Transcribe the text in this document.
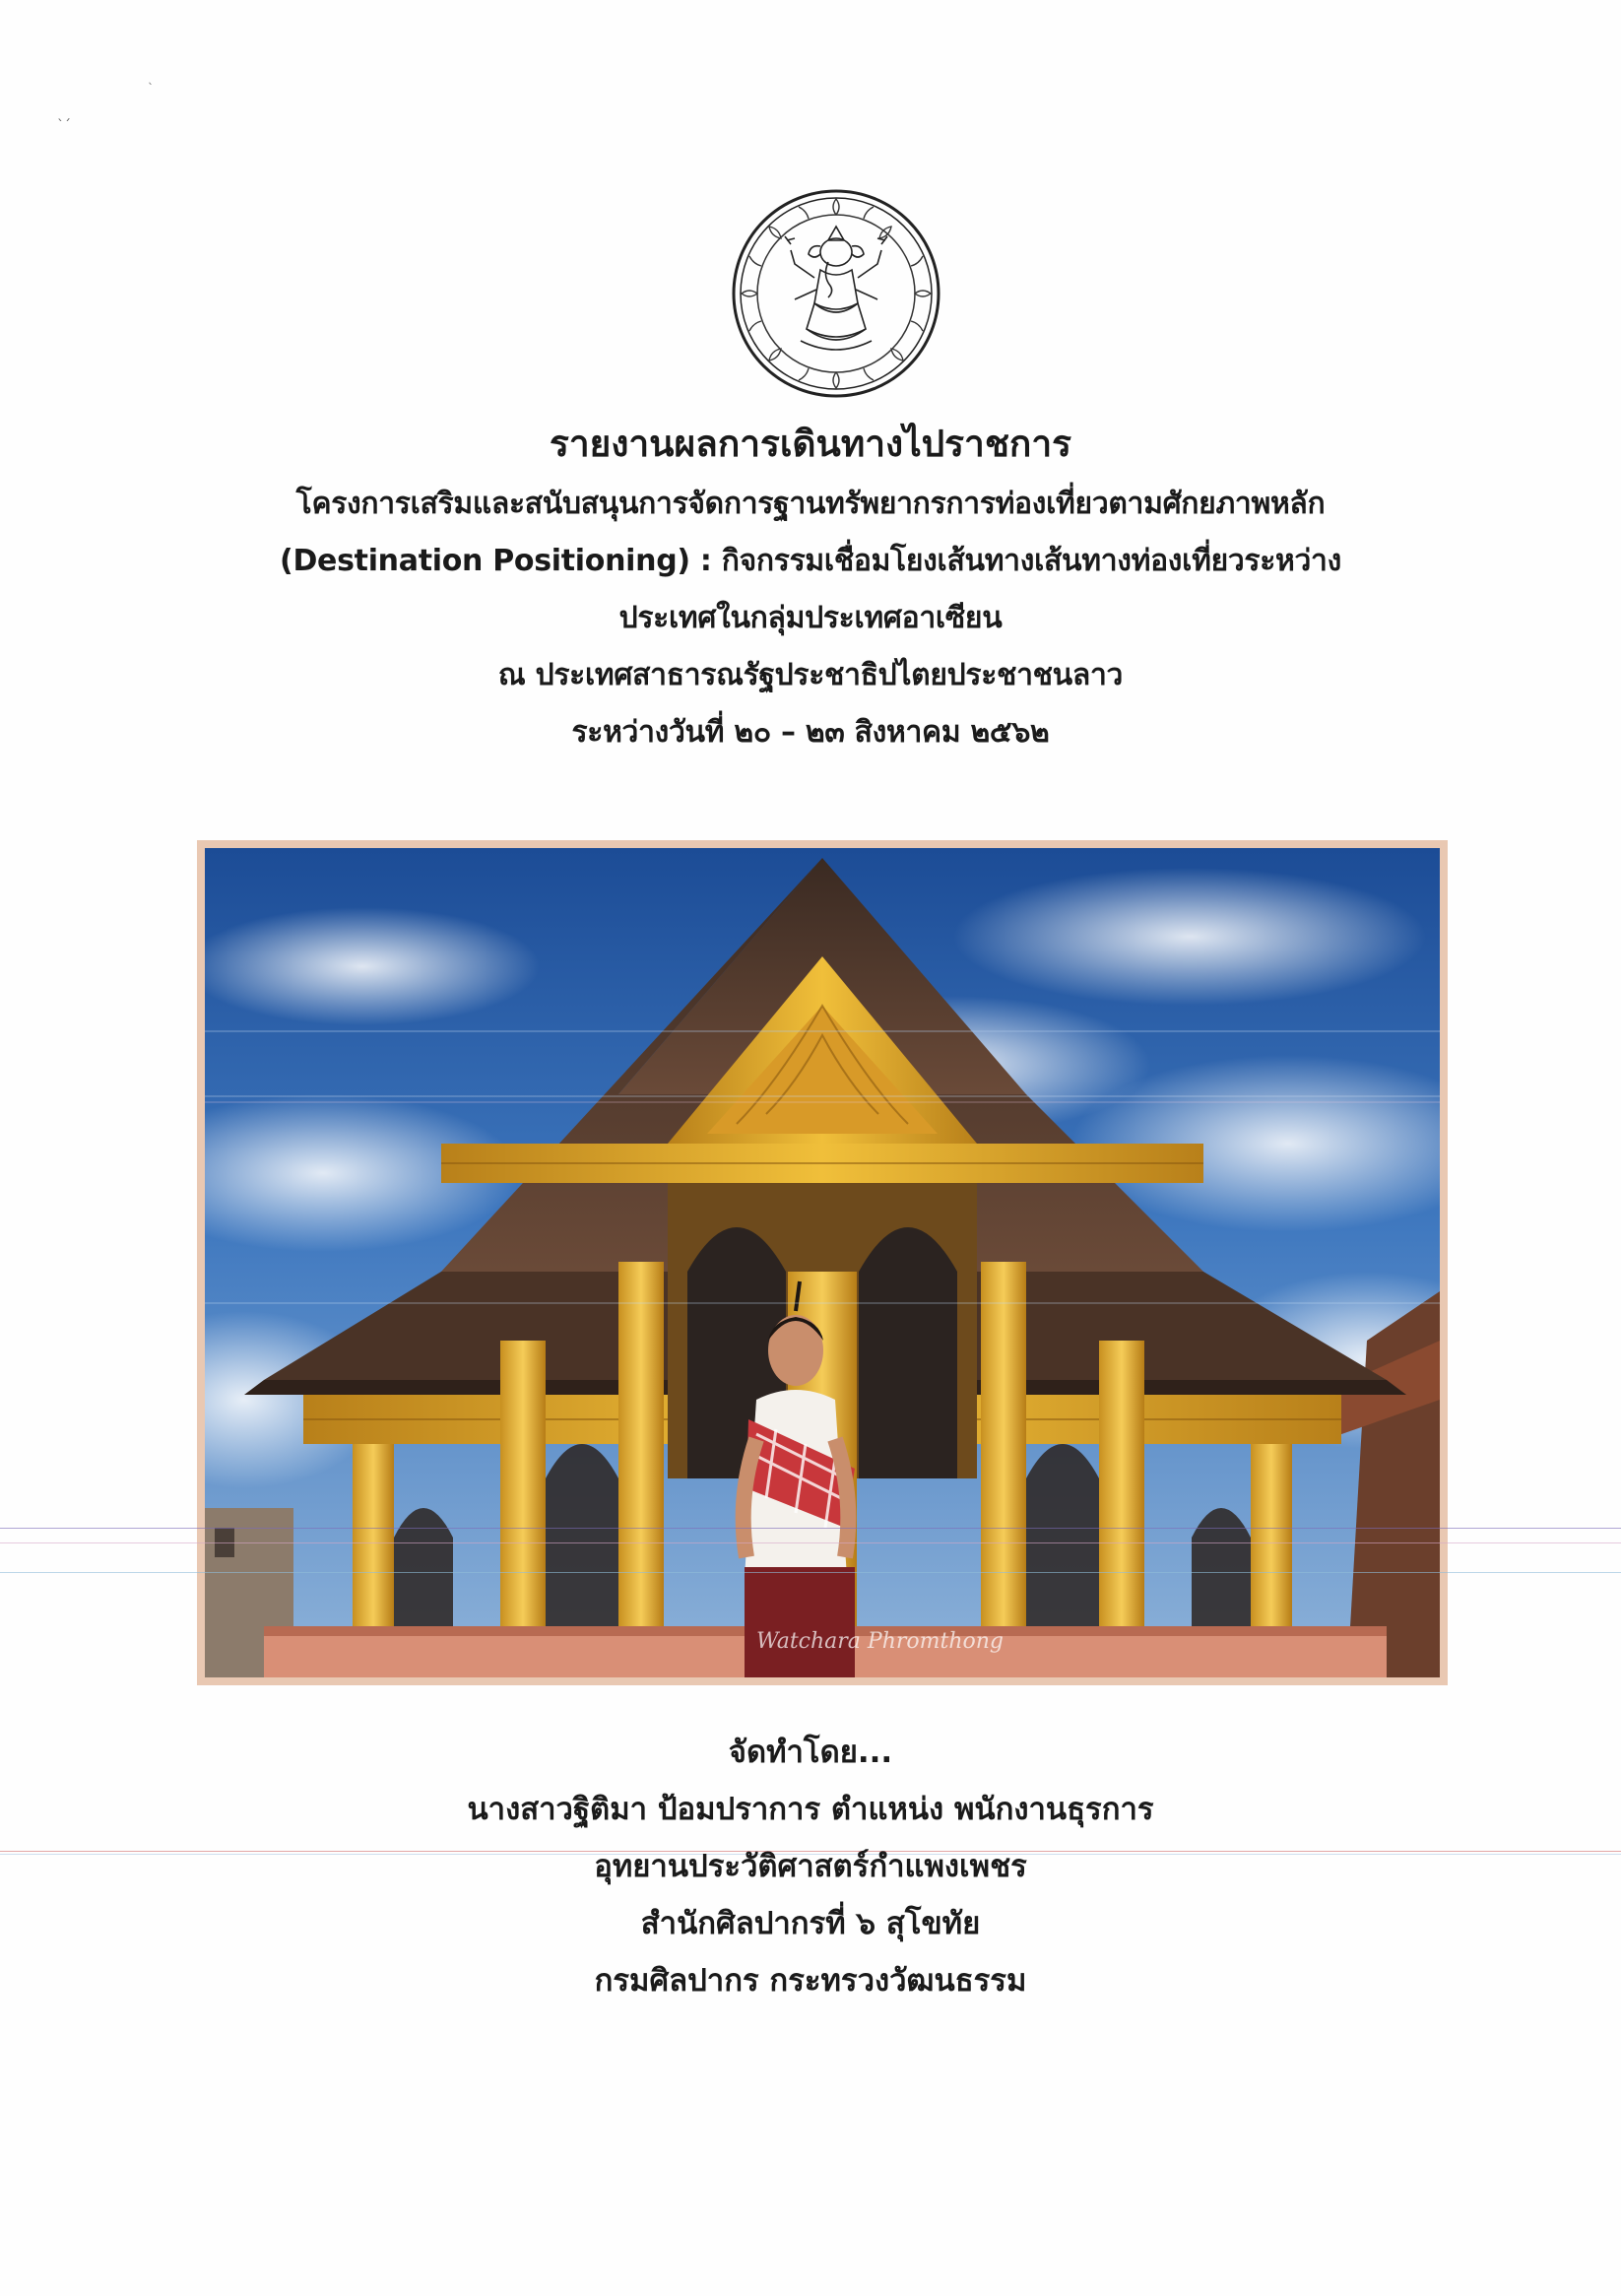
ˎ
ˋˊ
รายงานผลการเดินทางไปราชการ
โครงการเสริมและสนับสนุนการจัดการฐานทรัพยากรการท่องเที่ยวตามศักยภาพหลัก
(Destination Positioning) : กิจกรรมเชื่อมโยงเส้นทางเส้นทางท่องเที่ยวระหว่าง
ประเทศในกลุ่มประเทศอาเซียน
ณ ประเทศสาธารณรัฐประชาธิปไตยประชาชนลาว
ระหว่างวันที่ ๒๐ – ๒๓ สิงหาคม ๒๕๖๒
Watchara Phromthong
จัดทำโดย...
นางสาวฐิติมา ป้อมปราการ ตำแหน่ง พนักงานธุรการ
อุทยานประวัติศาสตร์กำแพงเพชร
สำนักศิลปากรที่ ๖ สุโขทัย
กรมศิลปากร กระทรวงวัฒนธรรม
